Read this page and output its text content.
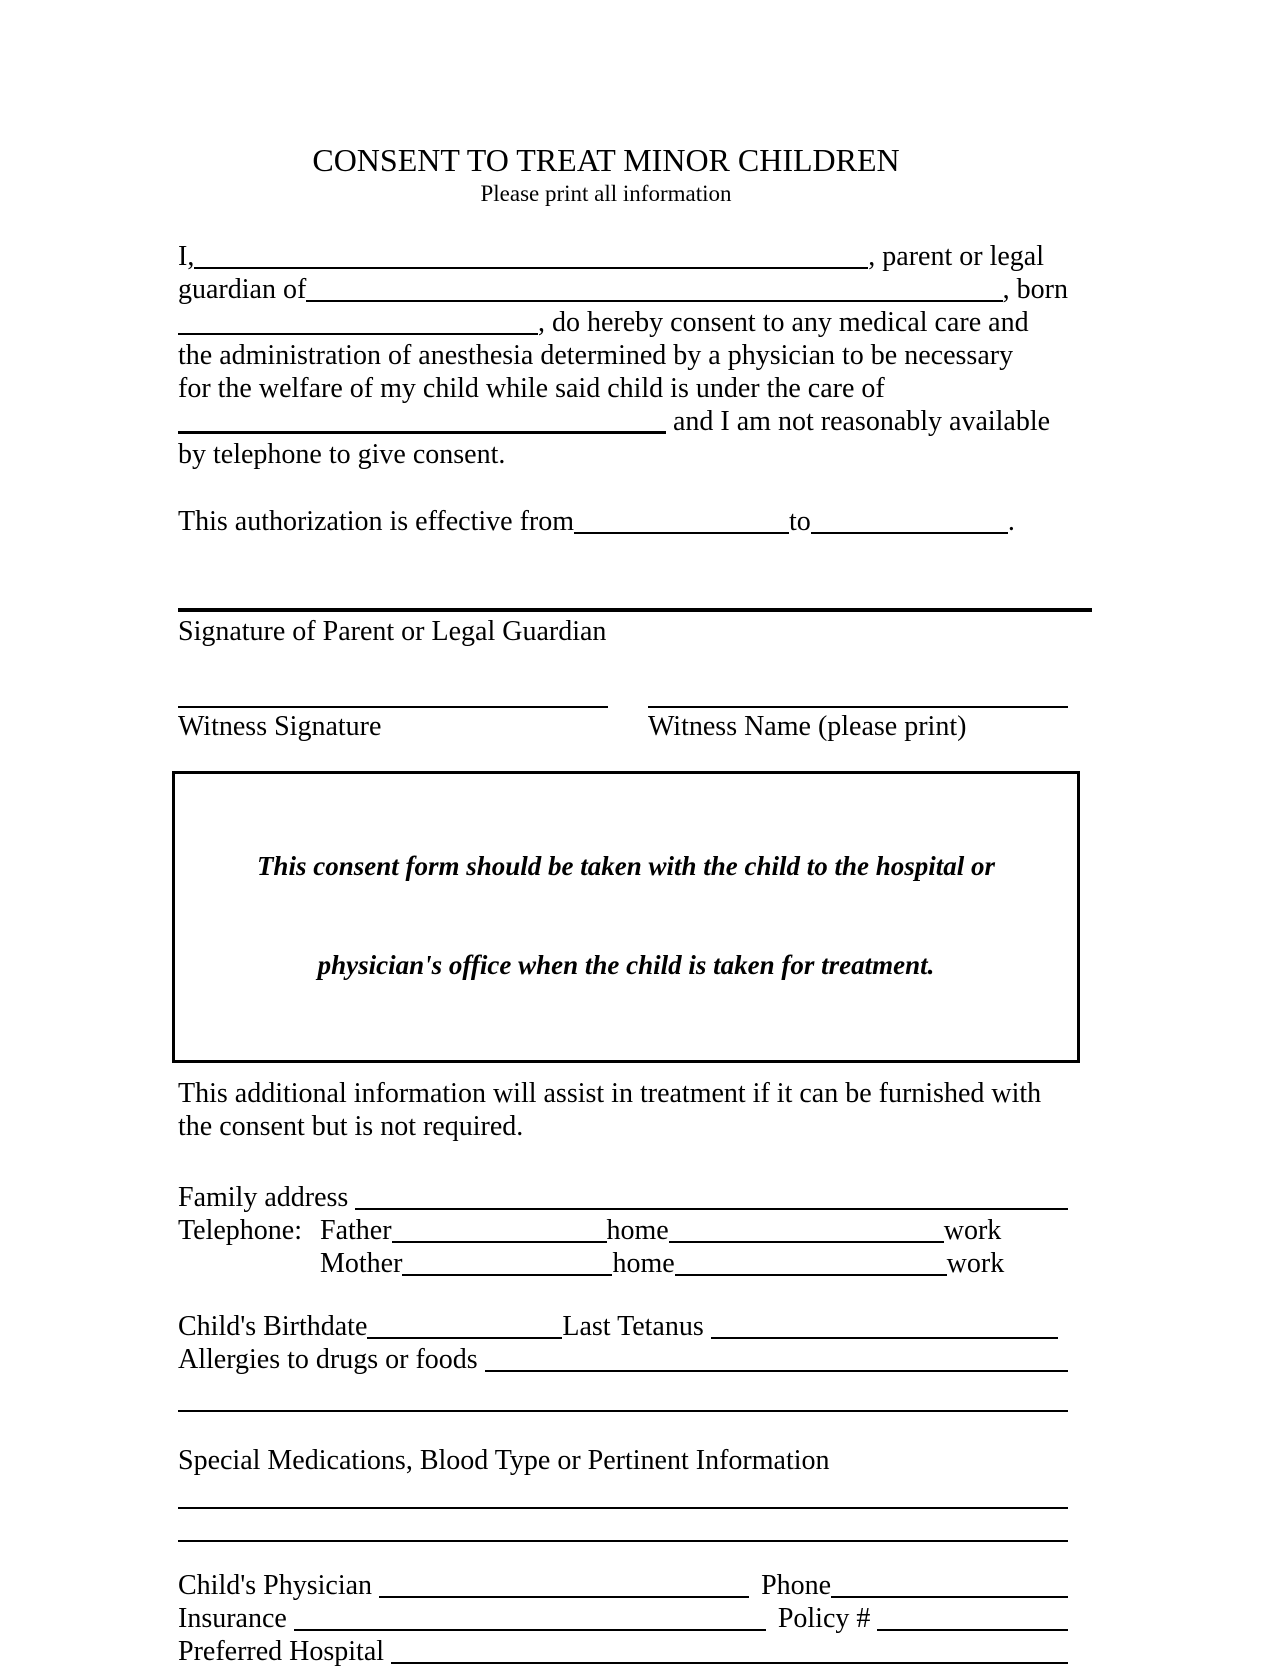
CONSENT TO TREAT MINOR CHILDREN
Please print all information
I,	, parent or legal
guardian of	, born
, do hereby consent to any medical care and
the administration of anesthesia determined by a physician to be necessary
for the welfare of my child while said child is under the care of
and I am not reasonably available
by telephone to give consent.
This authorization is effective from	to	.
Signature of Parent or Legal Guardian
Witness Signature	Witness Name (please print)

This consent form should be taken with the child to the hospital or

physician's office when the child is taken for treatment.

This additional information will assist in treatment if it can be furnished with
the consent but is not required.
Family address
Telephone: Father	home	work
Mother	home	work
Child's Birthdate	Last Tetanus
Allergies to drugs or foods
Special Medications, Blood Type or Pertinent Information
Child's Physician	Phone
Insurance	Policy #
Preferred Hospital
